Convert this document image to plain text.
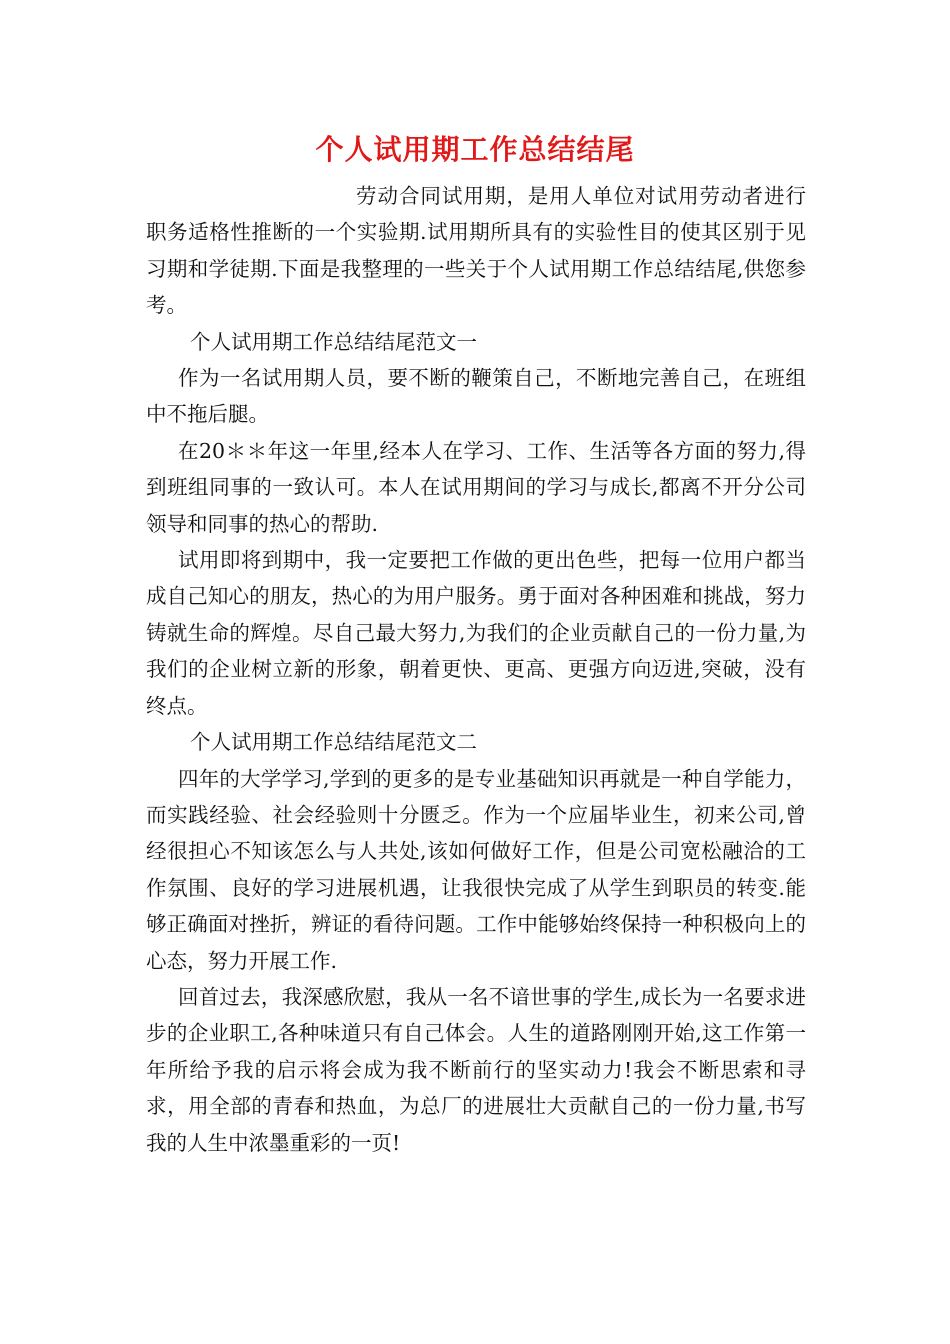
个人试用期工作总结结尾

劳动合同试用期，是用人单位对试用劳动者进行职务适格性推断的一个实验期.试用期所具有的实验性目的使其区别于见习期和学徒期.下面是我整理的一些关于个人试用期工作总结结尾,供您参考。

个人试用期工作总结结尾范文一

作为一名试用期人员，要不断的鞭策自己，不断地完善自己，在班组中不拖后腿。

在20＊＊年这一年里,经本人在学习、工作、生活等各方面的努力,得到班组同事的一致认可。本人在试用期间的学习与成长,都离不开分公司领导和同事的热心的帮助.

试用即将到期中，我一定要把工作做的更出色些，把每一位用户都当成自己知心的朋友，热心的为用户服务。勇于面对各种困难和挑战，努力铸就生命的辉煌。尽自己最大努力,为我们的企业贡献自己的一份力量,为我们的企业树立新的形象，朝着更快、更高、更强方向迈进,突破，没有终点。

个人试用期工作总结结尾范文二

四年的大学学习,学到的更多的是专业基础知识再就是一种自学能力，而实践经验、社会经验则十分匮乏。作为一个应届毕业生，初来公司,曾经很担心不知该怎么与人共处,该如何做好工作，但是公司宽松融洽的工作氛围、良好的学习进展机遇，让我很快完成了从学生到职员的转变.能够正确面对挫折，辨证的看待问题。工作中能够始终保持一种积极向上的心态，努力开展工作.

回首过去，我深感欣慰，我从一名不谙世事的学生,成长为一名要求进步的企业职工,各种味道只有自己体会。人生的道路刚刚开始,这工作第一年所给予我的启示将会成为我不断前行的坚实动力!我会不断思索和寻求，用全部的青春和热血，为总厂的进展壮大贡献自己的一份力量,书写我的人生中浓墨重彩的一页!
